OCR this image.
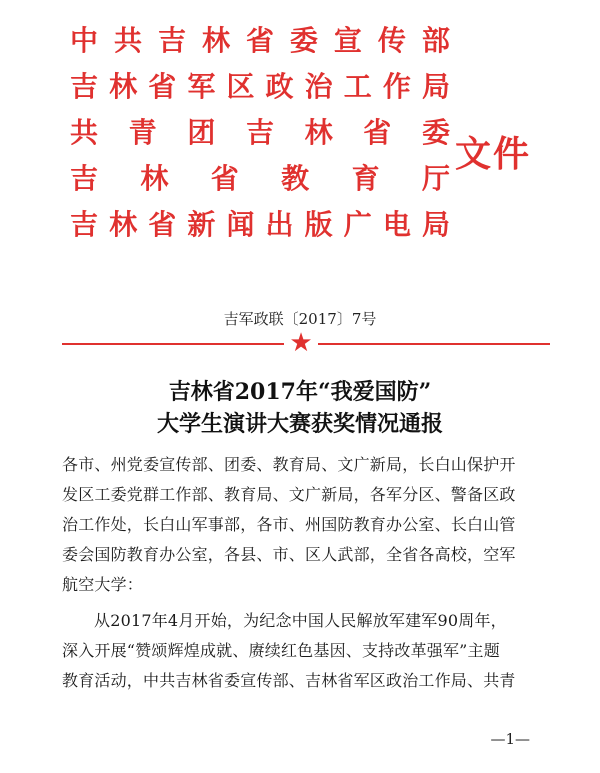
中 共 吉 林 省 委 宣 传 部
吉 林 省 军 区 政 治 工 作 局
共 青 团 吉 林 省 委
吉 林 省 教 育 厅
吉 林 省 新 闻 出 版 广 电 局
文件
吉军政联〔2017〕7号
★
吉林省2017年“我爱国防”
大学生演讲大赛获奖情况通报
各市、州党委宣传部、团委、教育局、文广新局，长白山保护开
发区工委党群工作部、教育局、文广新局，各军分区、警备区政
治工作处，长白山军事部，各市、州国防教育办公室、长白山管
委会国防教育办公室，各县、市、区人武部，全省各高校，空军
航空大学：
从2017年4月开始，为纪念中国人民解放军建军90周年，
深入开展“赞颂辉煌成就、赓续红色基因、支持改革强军”主题
教育活动，中共吉林省委宣传部、吉林省军区政治工作局、共青
—1—
